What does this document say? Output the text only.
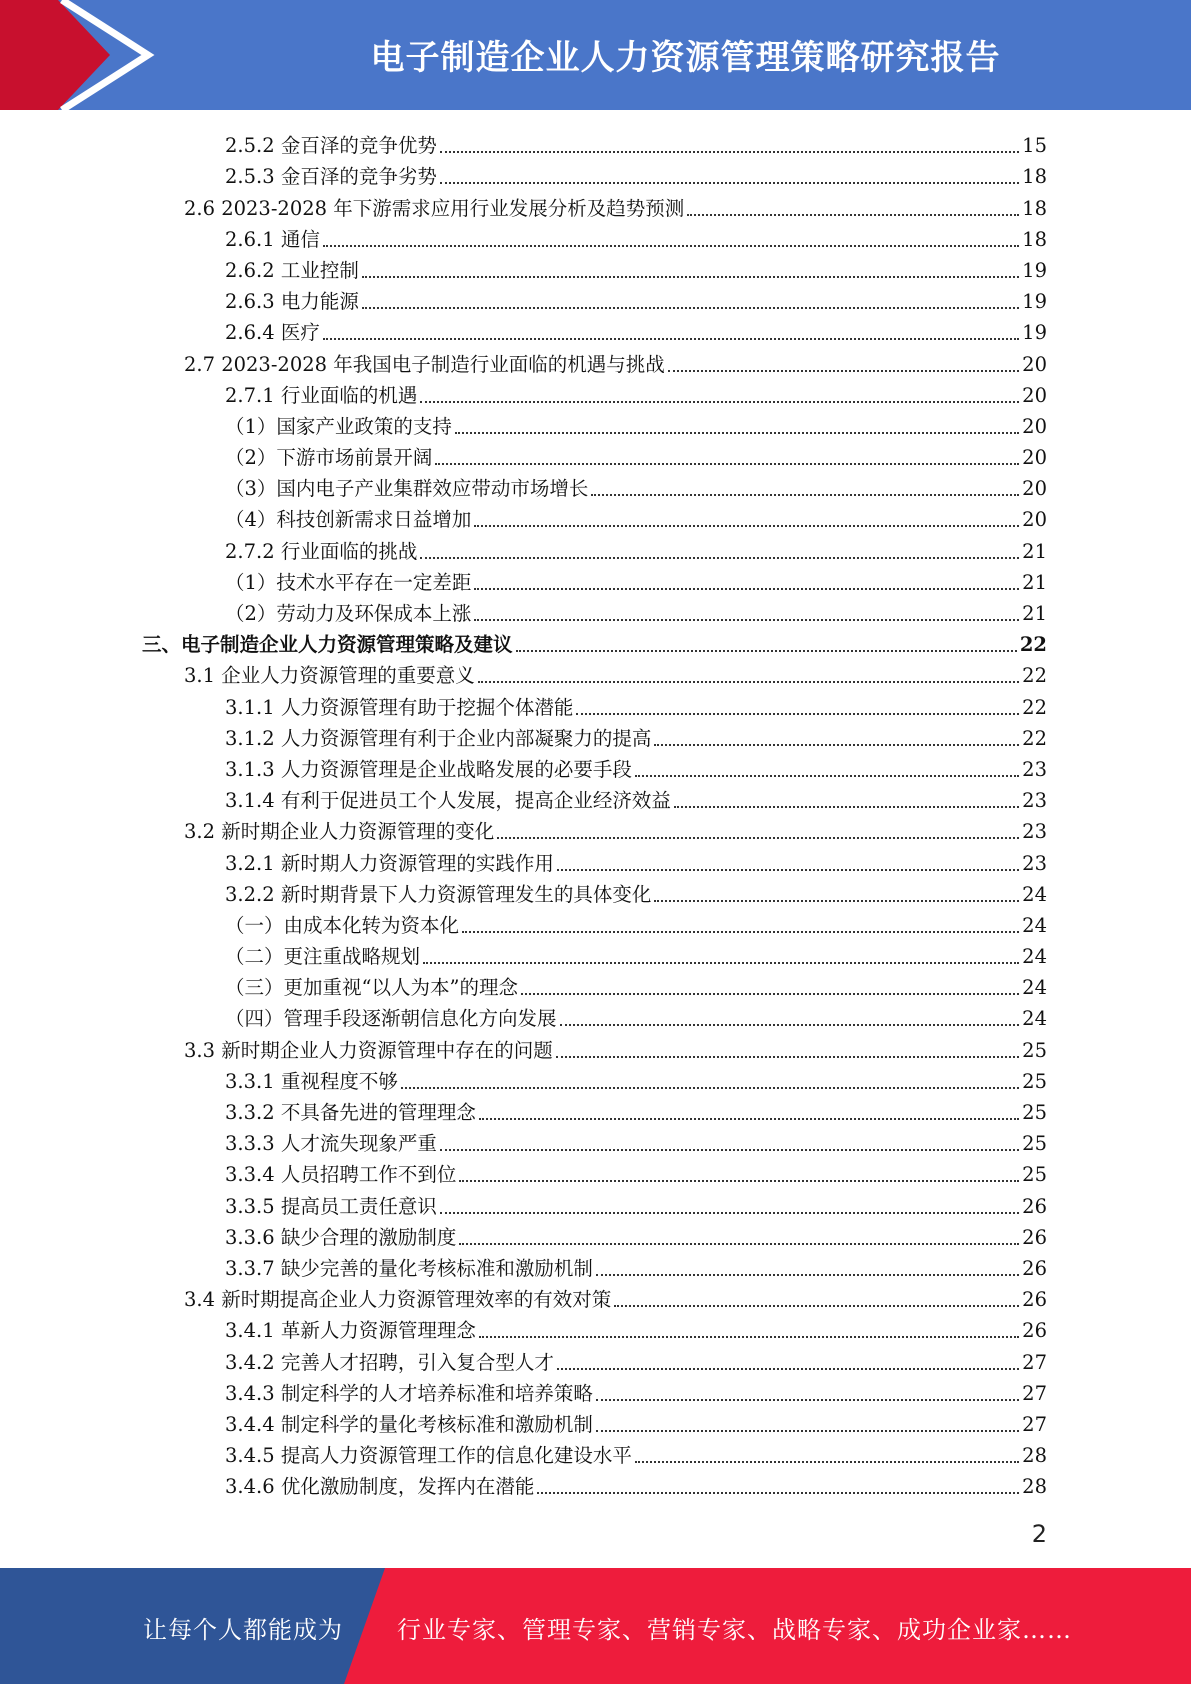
电子制造企业人力资源管理策略研究报告
2.5.2 金百泽的竞争优势	15
2.5.3 金百泽的竞争劣势	18
2.6 2023-2028 年下游需求应用行业发展分析及趋势预测	18
2.6.1 通信	18
2.6.2 工业控制	19
2.6.3 电力能源	19
2.6.4 医疗	19
2.7 2023-2028 年我国电子制造行业面临的机遇与挑战	20
2.7.1 行业面临的机遇	20
（1）国家产业政策的支持	20
（2）下游市场前景开阔	20
（3）国内电子产业集群效应带动市场增长	20
（4）科技创新需求日益增加	20
2.7.2 行业面临的挑战	21
（1）技术水平存在一定差距	21
（2）劳动力及环保成本上涨	21
三、电子制造企业人力资源管理策略及建议	22
3.1 企业人力资源管理的重要意义	22
3.1.1 人力资源管理有助于挖掘个体潜能	22
3.1.2 人力资源管理有利于企业内部凝聚力的提高	22
3.1.3 人力资源管理是企业战略发展的必要手段	23
3.1.4 有利于促进员工个人发展，提高企业经济效益	23
3.2 新时期企业人力资源管理的变化	23
3.2.1 新时期人力资源管理的实践作用	23
3.2.2 新时期背景下人力资源管理发生的具体变化	24
（一）由成本化转为资本化	24
（二）更注重战略规划	24
（三）更加重视“以人为本”的理念	24
（四）管理手段逐渐朝信息化方向发展	24
3.3 新时期企业人力资源管理中存在的问题	25
3.3.1 重视程度不够	25
3.3.2 不具备先进的管理理念	25
3.3.3 人才流失现象严重	25
3.3.4 人员招聘工作不到位	25
3.3.5 提高员工责任意识	26
3.3.6 缺少合理的激励制度	26
3.3.7 缺少完善的量化考核标准和激励机制	26
3.4 新时期提高企业人力资源管理效率的有效对策	26
3.4.1 革新人力资源管理理念	26
3.4.2 完善人才招聘，引入复合型人才	27
3.4.3 制定科学的人才培养标准和培养策略	27
3.4.4 制定科学的量化考核标准和激励机制	27
3.4.5 提高人力资源管理工作的信息化建设水平	28
3.4.6 优化激励制度，发挥内在潜能	28
2
让每个人都能成为 行业专家、管理专家、营销专家、战略专家、成功企业家……
